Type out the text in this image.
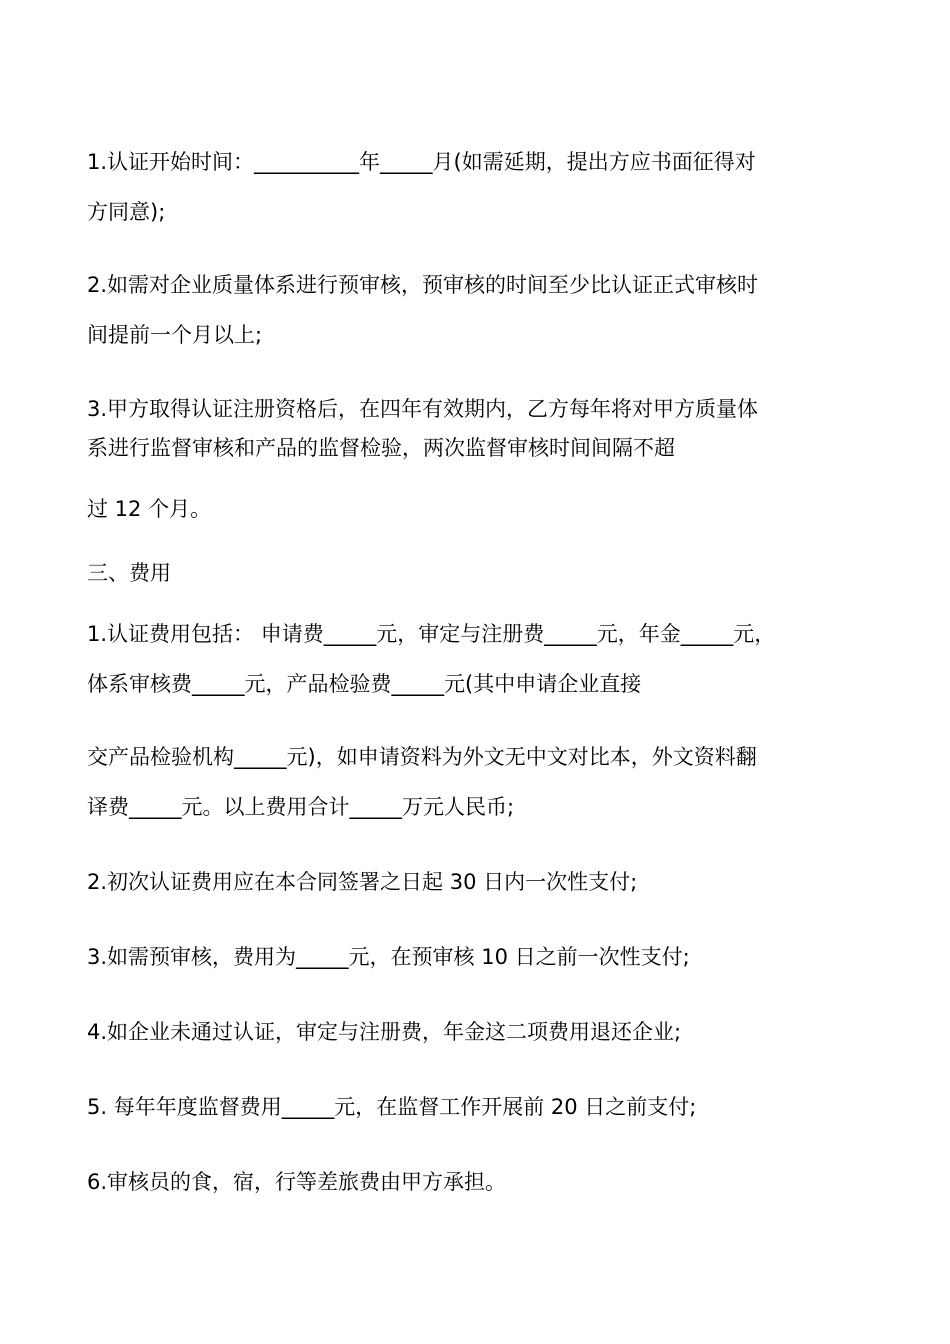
1.认证开始时间：__________年_____月(如需延期，提出方应书面征得对
方同意);
2.如需对企业质量体系进行预审核，预审核的时间至少比认证正式审核时
间提前一个月以上;
3.甲方取得认证注册资格后，在四年有效期内，乙方每年将对甲方质量体
系进行监督审核和产品的监督检验，两次监督审核时间间隔不超
过 12 个月。
三、费用
1.认证费用包括： 申请费_____元，审定与注册费_____元，年金_____元，
体系审核费_____元，产品检验费_____元(其中申请企业直接
交产品检验机构_____元)，如申请资料为外文无中文对比本，外文资料翻
译费_____元。以上费用合计_____万元人民币;
2.初次认证费用应在本合同签署之日起 30 日内一次性支付;
3.如需预审核，费用为_____元，在预审核 10 日之前一次性支付;
4.如企业未通过认证，审定与注册费，年金这二项费用退还企业;
5. 每年年度监督费用_____元，在监督工作开展前 20 日之前支付;
6.审核员的食，宿，行等差旅费由甲方承担。
